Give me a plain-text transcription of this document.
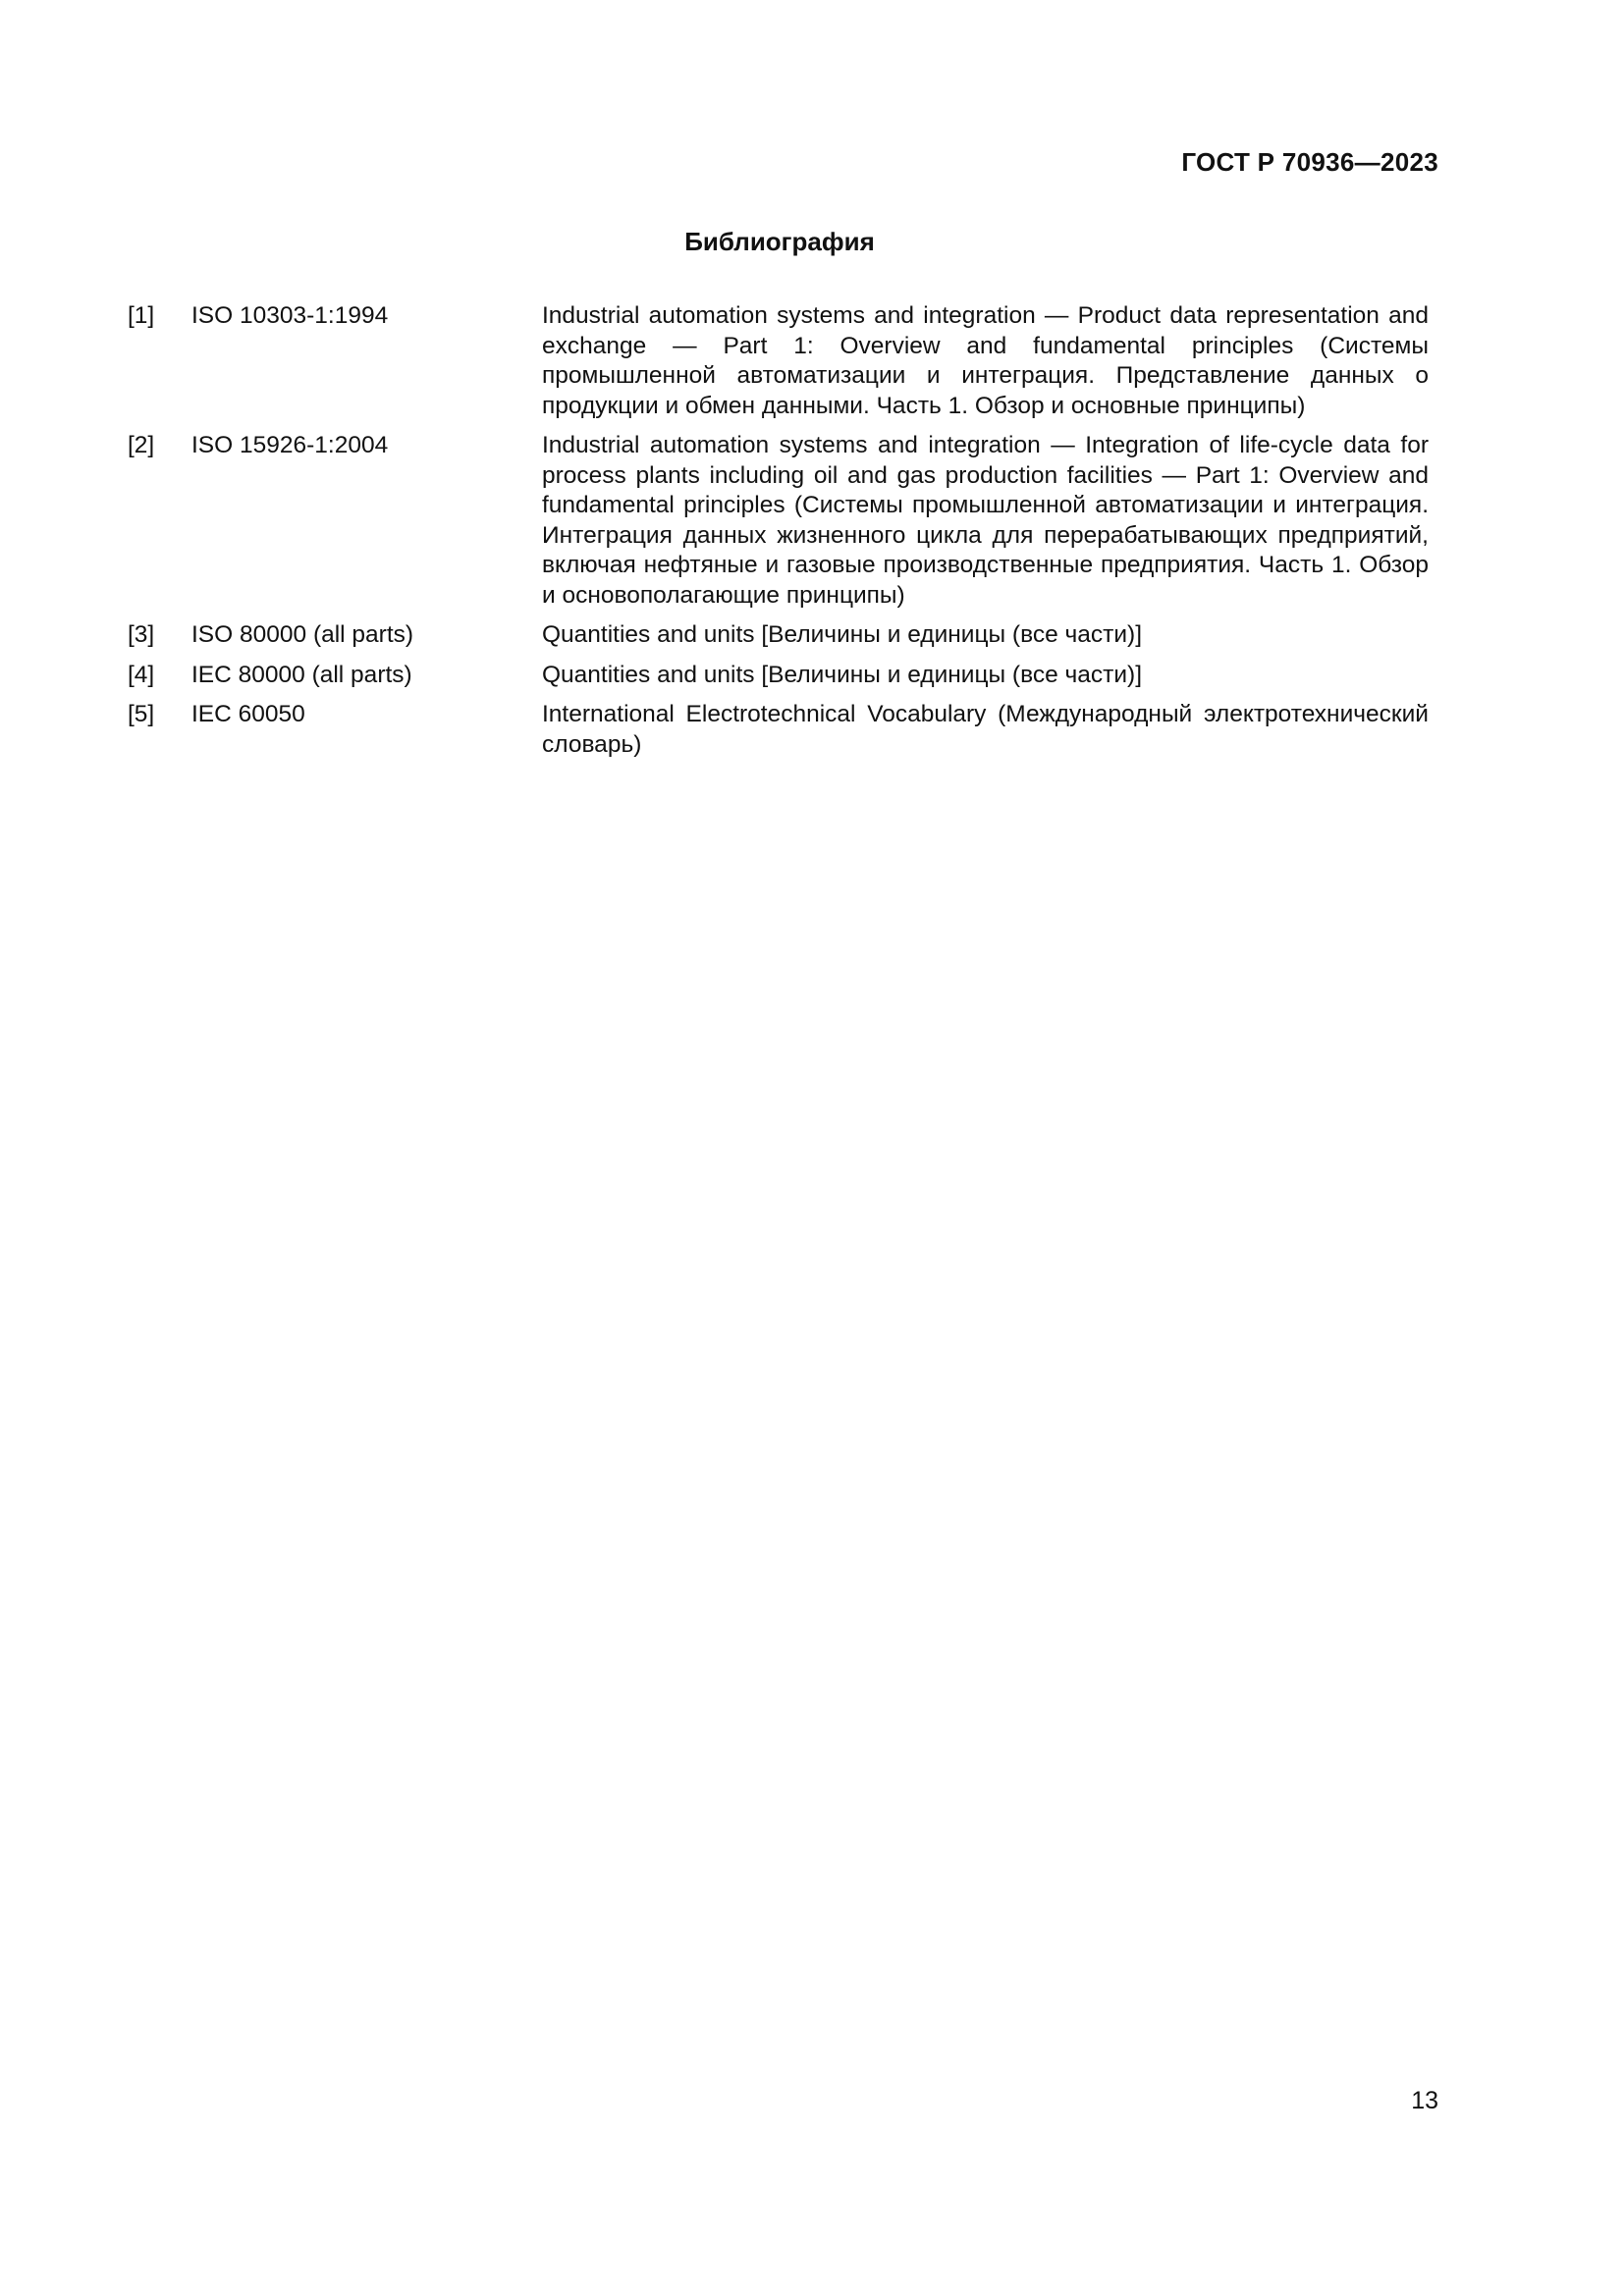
ГОСТ Р 70936—2023
Библиография
[1]	ISO 10303-1:1994	Industrial automation systems and integration — Product data representation and exchange — Part 1: Overview and fundamental principles (Системы промышленной автоматизации и интеграция. Представление данных о продукции и обмен данными. Часть 1. Обзор и основные принципы)
[2]	ISO 15926-1:2004	Industrial automation systems and integration — Integration of life-cycle data for process plants including oil and gas production facilities — Part 1: Overview and fundamental principles (Системы промышленной автоматизации и интеграция. Интеграция данных жизненного цикла для перерабатывающих предприятий, включая нефтяные и газовые производственные предприятия. Часть 1. Обзор и основополагающие принципы)
[3]	ISO 80000 (all parts)	Quantities and units [Величины и единицы (все части)]
[4]	IEC 80000 (all parts)	Quantities and units [Величины и единицы (все части)]
[5]	IEC 60050	International Electrotechnical Vocabulary (Международный электротехнический словарь)
13
